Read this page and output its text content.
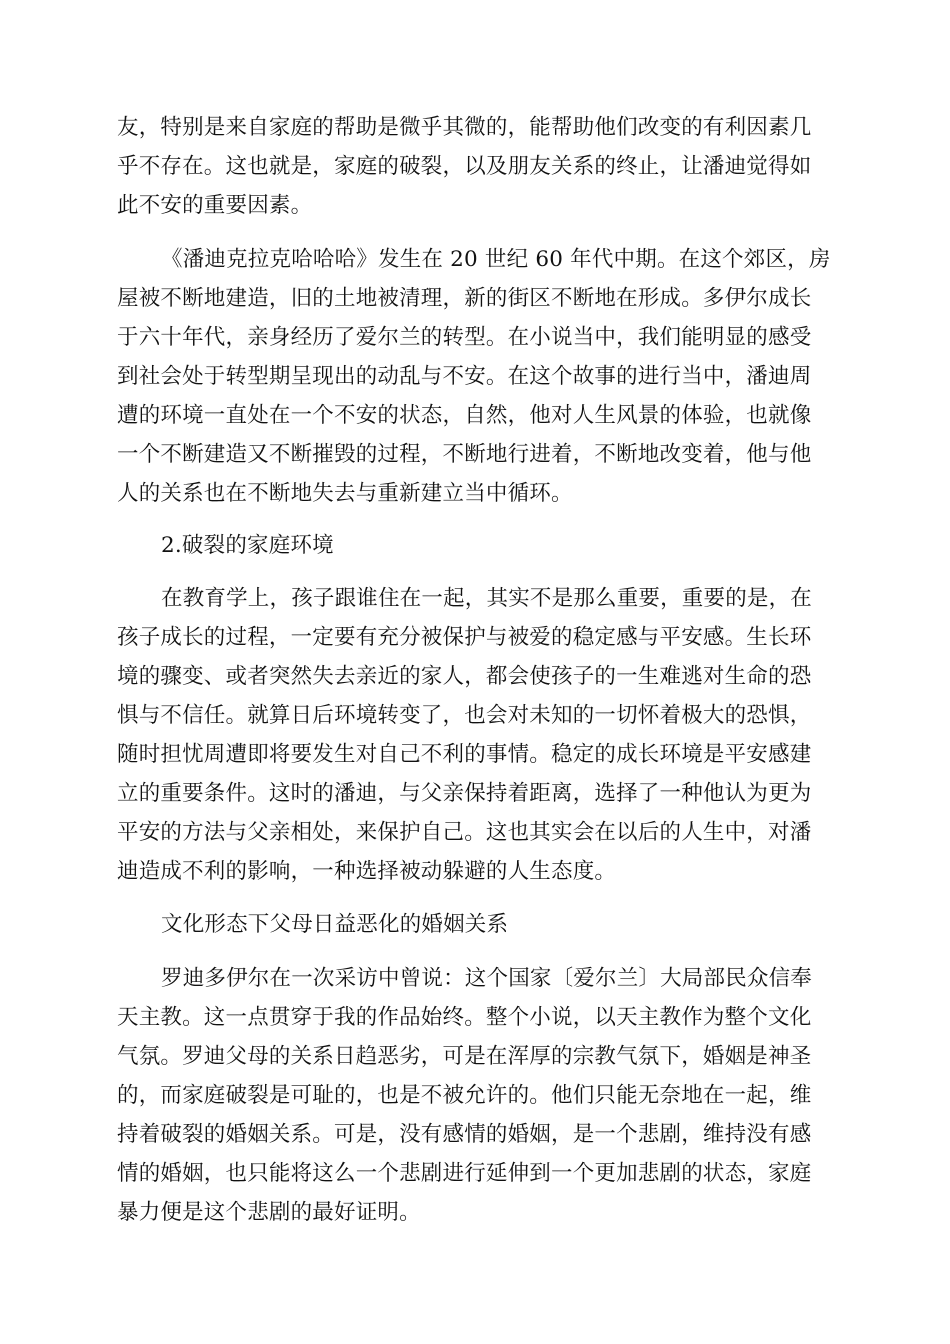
友，特别是来自家庭的帮助是微乎其微的，能帮助他们改变的有利因素几
乎不存在。这也就是，家庭的破裂，以及朋友关系的终止，让潘迪觉得如
此不安的重要因素。
《潘迪克拉克哈哈哈》发生在 20 世纪 60 年代中期。在这个郊区，房
屋被不断地建造，旧的土地被清理，新的街区不断地在形成。多伊尔成长
于六十年代，亲身经历了爱尔兰的转型。在小说当中，我们能明显的感受
到社会处于转型期呈现出的动乱与不安。在这个故事的进行当中，潘迪周
遭的环境一直处在一个不安的状态，自然，他对人生风景的体验，也就像
一个不断建造又不断摧毁的过程，不断地行进着，不断地改变着，他与他
人的关系也在不断地失去与重新建立当中循环。
2.破裂的家庭环境
在教育学上，孩子跟谁住在一起，其实不是那么重要，重要的是，在
孩子成长的过程，一定要有充分被保护与被爱的稳定感与平安感。生长环
境的骤变、或者突然失去亲近的家人，都会使孩子的一生难逃对生命的恐
惧与不信任。就算日后环境转变了，也会对未知的一切怀着极大的恐惧，
随时担忧周遭即将要发生对自己不利的事情。稳定的成长环境是平安感建
立的重要条件。这时的潘迪，与父亲保持着距离，选择了一种他认为更为
平安的方法与父亲相处，来保护自己。这也其实会在以后的人生中，对潘
迪造成不利的影响，一种选择被动躲避的人生态度。
文化形态下父母日益恶化的婚姻关系
罗迪多伊尔在一次采访中曾说：这个国家〔爱尔兰〕大局部民众信奉
天主教。这一点贯穿于我的作品始终。整个小说，以天主教作为整个文化
气氛。罗迪父母的关系日趋恶劣，可是在浑厚的宗教气氛下，婚姻是神圣
的，而家庭破裂是可耻的，也是不被允许的。他们只能无奈地在一起，维
持着破裂的婚姻关系。可是，没有感情的婚姻，是一个悲剧，维持没有感
情的婚姻，也只能将这么一个悲剧进行延伸到一个更加悲剧的状态，家庭
暴力便是这个悲剧的最好证明。
